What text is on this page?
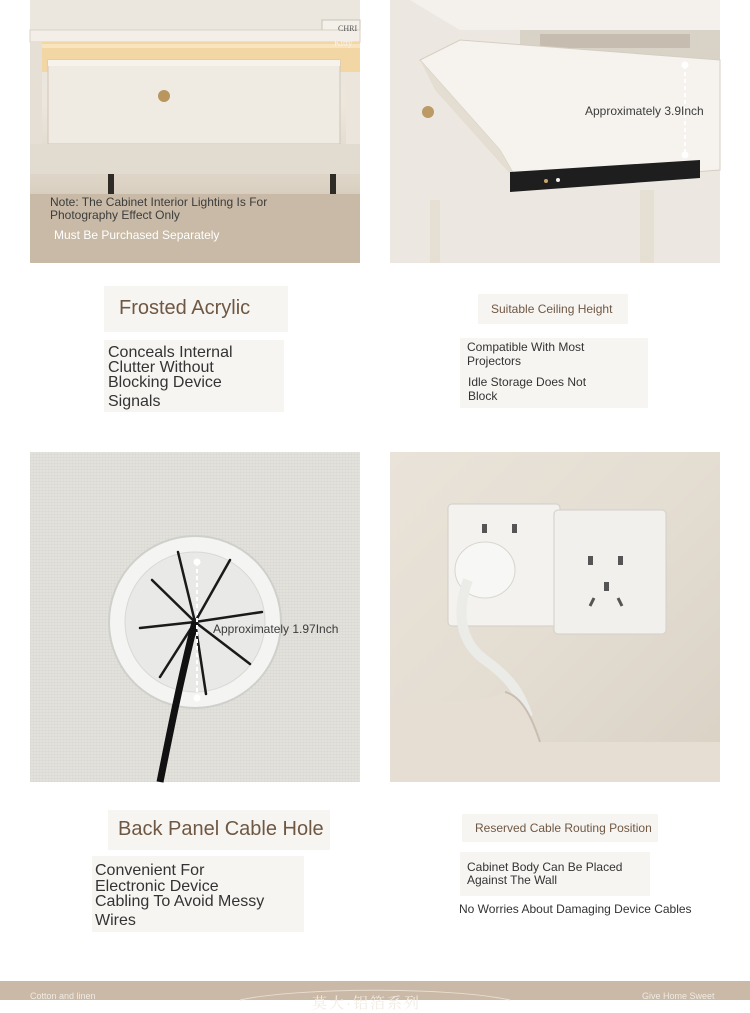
Note: The Cabinet Interior Lighting Is For Photography Effect Only
Must Be Purchased Separately
CHRI
Kitty
Approximately 3.9Inch
Frosted Acrylic
Conceals Internal
Clutter Without
Blocking Device
Signals
Suitable Ceiling Height
Compatible With Most
Projectors
Idle Storage Does Not
Block
Approximately 1.97Inch
Back Panel Cable Hole
Convenient For
Electronic Device
Cabling To Avoid Messy
Wires
Reserved Cable Routing Position
Cabinet Body Can Be Placed
Against The Wall
No Worries About Damaging Device Cables
Cotton and linen	莫大·铝箔系列	Give Home Sweet
